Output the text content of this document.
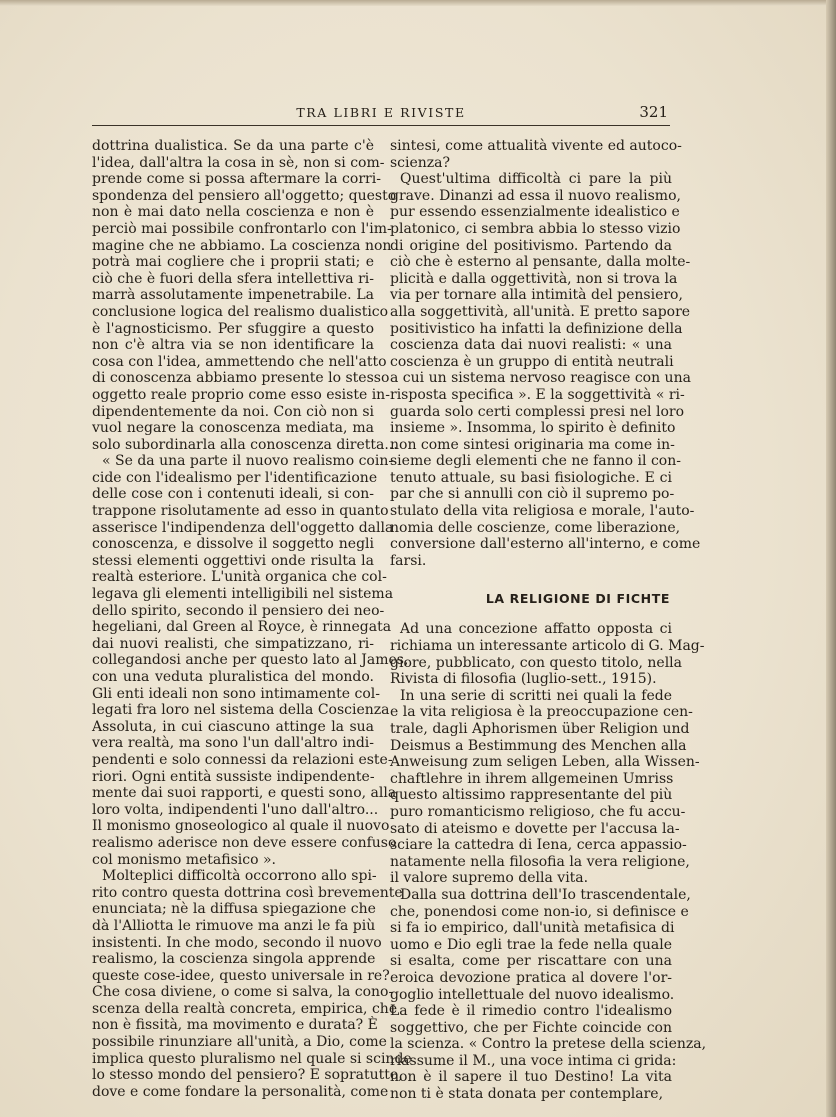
TRA LIBRI E RIVISTE	321
dottrina dualistica. Se da una parte c'è
l'idea, dall'altra la cosa in sè, non si com-
prende come si possa aftermare la corri-
spondenza del pensiero all'oggetto; questo
non è mai dato nella coscienza e non è
perciò mai possibile confrontarlo con l'im-
magine che ne abbiamo. La coscienza non
potrà mai cogliere che i proprii stati; e
ciò che è fuori della sfera intellettiva ri-
marrà assolutamente impenetrabile. La
conclusione logica del realismo dualistico
è l'agnosticismo. Per sfuggire a questo
non c'è altra via se non identificare la
cosa con l'idea, ammettendo che nell'atto
di conoscenza abbiamo presente lo stesso
oggetto reale proprio come esso esiste in-
dipendentemente da noi. Con ciò non si
vuol negare la conoscenza mediata, ma
solo subordinarla alla conoscenza diretta...
« Se da una parte il nuovo realismo coin-
cide con l'idealismo per l'identificazione
delle cose con i contenuti ideali, si con-
trappone risolutamente ad esso in quanto
asserisce l'indipendenza dell'oggetto dalla
conoscenza, e dissolve il soggetto negli
stessi elementi oggettivi onde risulta la
realtà esteriore. L'unità organica che col-
legava gli elementi intelligibili nel sistema
dello spirito, secondo il pensiero dei neo-
hegeliani, dal Green al Royce, è rinnegata
dai nuovi realisti, che simpatizzano, ri-
collegandosi anche per questo lato al James,
con una veduta pluralistica del mondo.
Gli enti ideali non sono intimamente col-
legati fra loro nel sistema della Coscienza
Assoluta, in cui ciascuno attinge la sua
vera realtà, ma sono l'un dall'altro indi-
pendenti e solo connessi da relazioni este-
riori. Ogni entità sussiste indipendente-
mente dai suoi rapporti, e questi sono, alla
loro volta, indipendenti l'uno dall'altro...
Il monismo gnoseologico al quale il nuovo
realismo aderisce non deve essere confuso
col monismo metafisico ».
Molteplici difficoltà occorrono allo spi-
rito contro questa dottrina così brevemente
enunciata; nè la diffusa spiegazione che
dà l'Alliotta le rimuove ma anzi le fa più
insistenti. In che modo, secondo il nuovo
realismo, la coscienza singola apprende
queste cose-idee, questo universale in re?
Che cosa diviene, o come si salva, la cono-
scenza della realtà concreta, empirica, che
non è fissità, ma movimento e durata? È
possibile rinunziare all'unità, a Dio, come
implica questo pluralismo nel quale si scinde
lo stesso mondo del pensiero? E sopratutto,
dove e come fondare la personalità, come
sintesi, come attualità vivente ed autoco-
scienza?
Quest'ultima difficoltà ci pare la più
grave. Dinanzi ad essa il nuovo realismo,
pur essendo essenzialmente idealistico e
platonico, ci sembra abbia lo stesso vizio
di origine del positivismo. Partendo da
ciò che è esterno al pensante, dalla molte-
plicità e dalla oggettività, non si trova la
via per tornare alla intimità del pensiero,
alla soggettività, all'unità. E pretto sapore
positivistico ha infatti la definizione della
coscienza data dai nuovi realisti: « una
coscienza è un gruppo di entità neutrali
a cui un sistema nervoso reagisce con una
risposta specifica ». E la soggettività « ri-
guarda solo certi complessi presi nel loro
insieme ». Insomma, lo spirito è definito
non come sintesi originaria ma come in-
sieme degli elementi che ne fanno il con-
tenuto attuale, su basi fisiologiche. E ci
par che si annulli con ciò il supremo po-
stulato della vita religiosa e morale, l'auto-
nomia delle coscienze, come liberazione,
conversione dall'esterno all'interno, e come
farsi.
LA RELIGIONE DI FICHTE
Ad una concezione affatto opposta ci
richiama un interessante articolo di G. Mag-
giore, pubblicato, con questo titolo, nella
Rivista di filosofia (luglio-sett., 1915).
In una serie di scritti nei quali la fede
e la vita religiosa è la preoccupazione cen-
trale, dagli Aphorismen über Religion und
Deismus a Bestimmung des Menchen alla
Anweisung zum seligen Leben, alla Wissen-
chaftlehre in ihrem allgemeinen Umriss
questo altissimo rappresentante del più
puro romanticismo religioso, che fu accu-
sato di ateismo e dovette per l'accusa la-
sciare la cattedra di Iena, cerca appassio-
natamente nella filosofia la vera religione,
il valore supremo della vita.
Dalla sua dottrina dell'Io trascendentale,
che, ponendosi come non-io, si definisce e
si fa io empirico, dall'unità metafisica di
uomo e Dio egli trae la fede nella quale
si esalta, come per riscattare con una
eroica devozione pratica al dovere l'or-
goglio intellettuale del nuovo idealismo.
La fede è il rimedio contro l'idealismo
soggettivo, che per Fichte coincide con
la scienza. « Contro la pretese della scienza,
riassume il M., una voce intima ci grida:
non è il sapere il tuo Destino! La vita
non ti è stata donata per contemplare,
